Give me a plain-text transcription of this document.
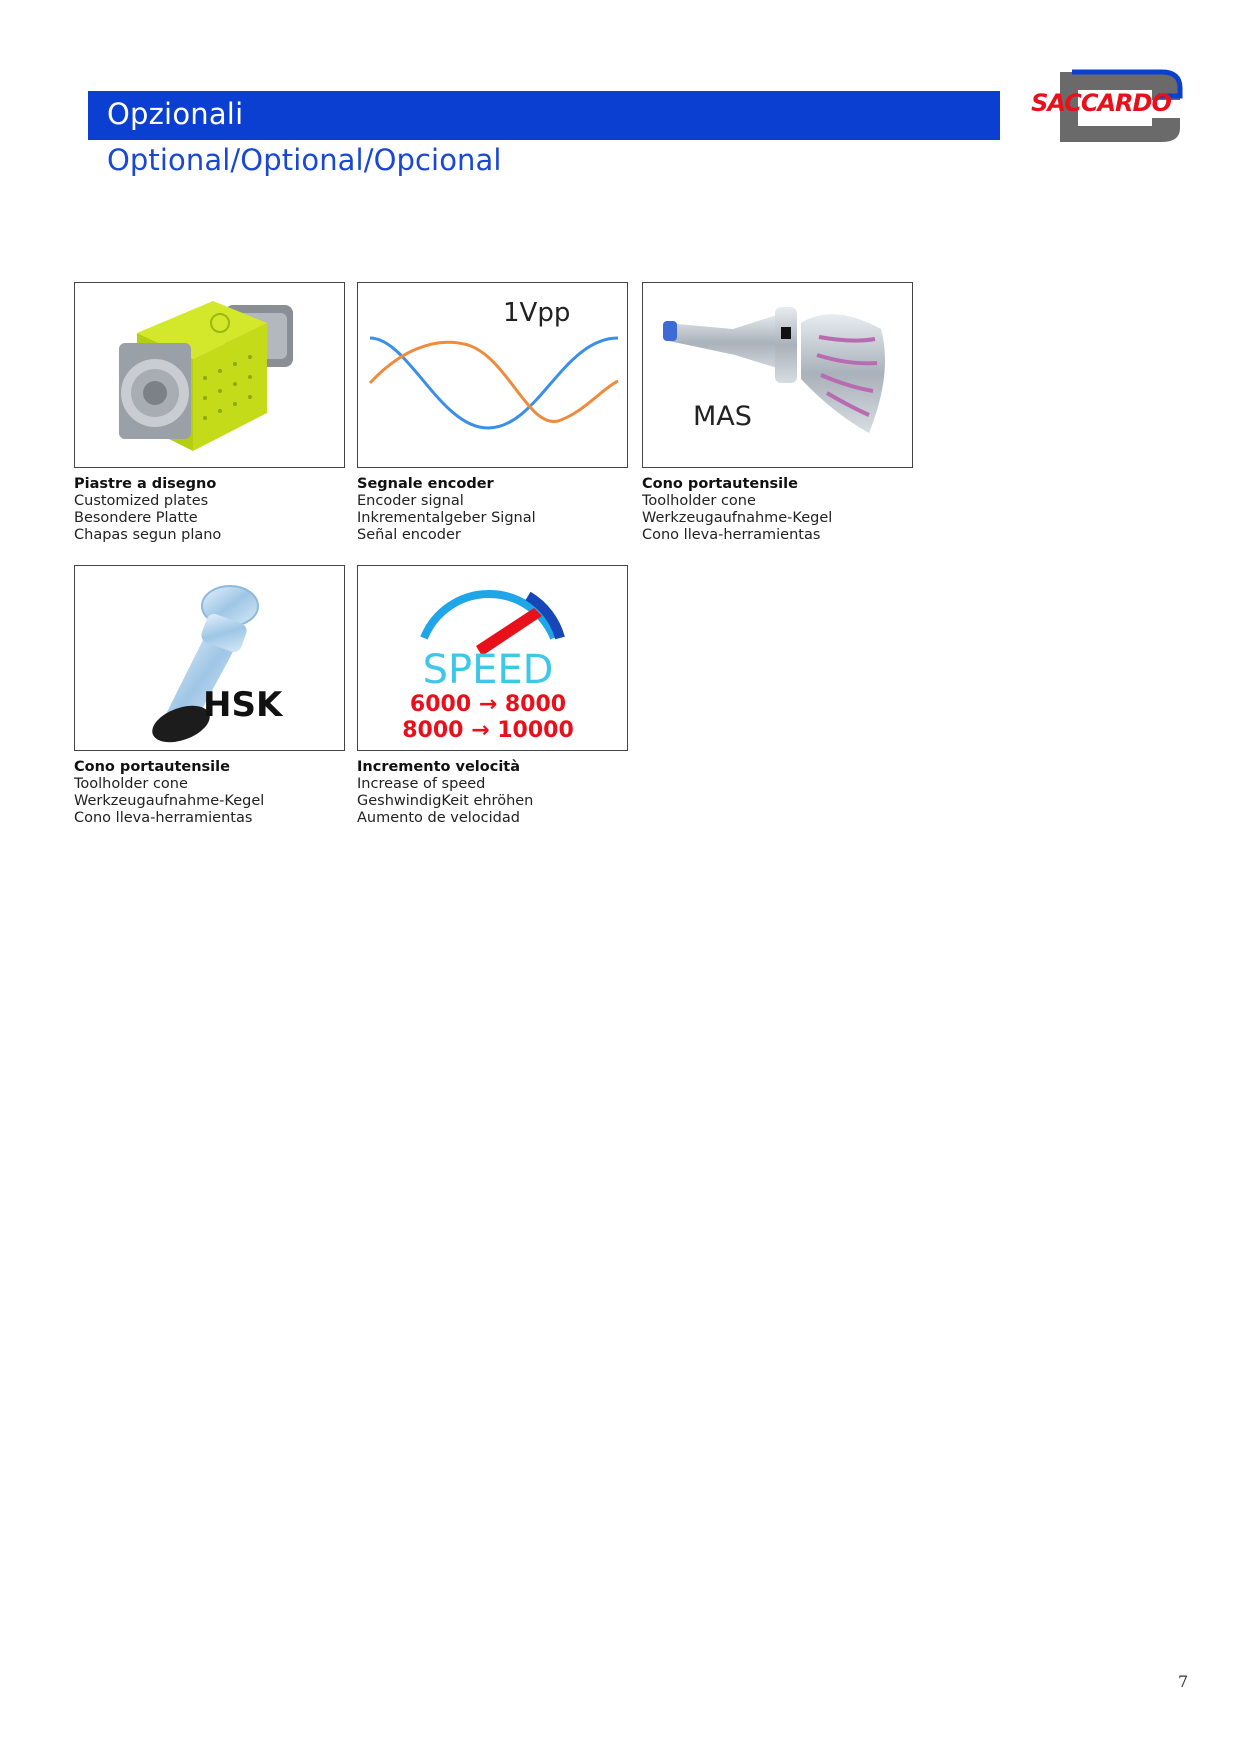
Opzionali
Optional/Optional/Opcional
SACCARDO
Piastre a disegno
Customized plates
Besondere Platte
Chapas segun plano
1Vpp
Segnale encoder
Encoder signal
Inkrementalgeber Signal
Señal encoder
MAS
Cono portautensile
Toolholder cone
Werkzeugaufnahme-Kegel
Cono lleva-herramientas
HSK
Cono portautensile
Toolholder cone
Werkzeugaufnahme-Kegel
Cono lleva-herramientas
SPEED
6000 → 8000
8000 → 10000
Incremento velocità
Increase of speed
GeshwindigKeit ehröhen
Aumento de velocidad
7
